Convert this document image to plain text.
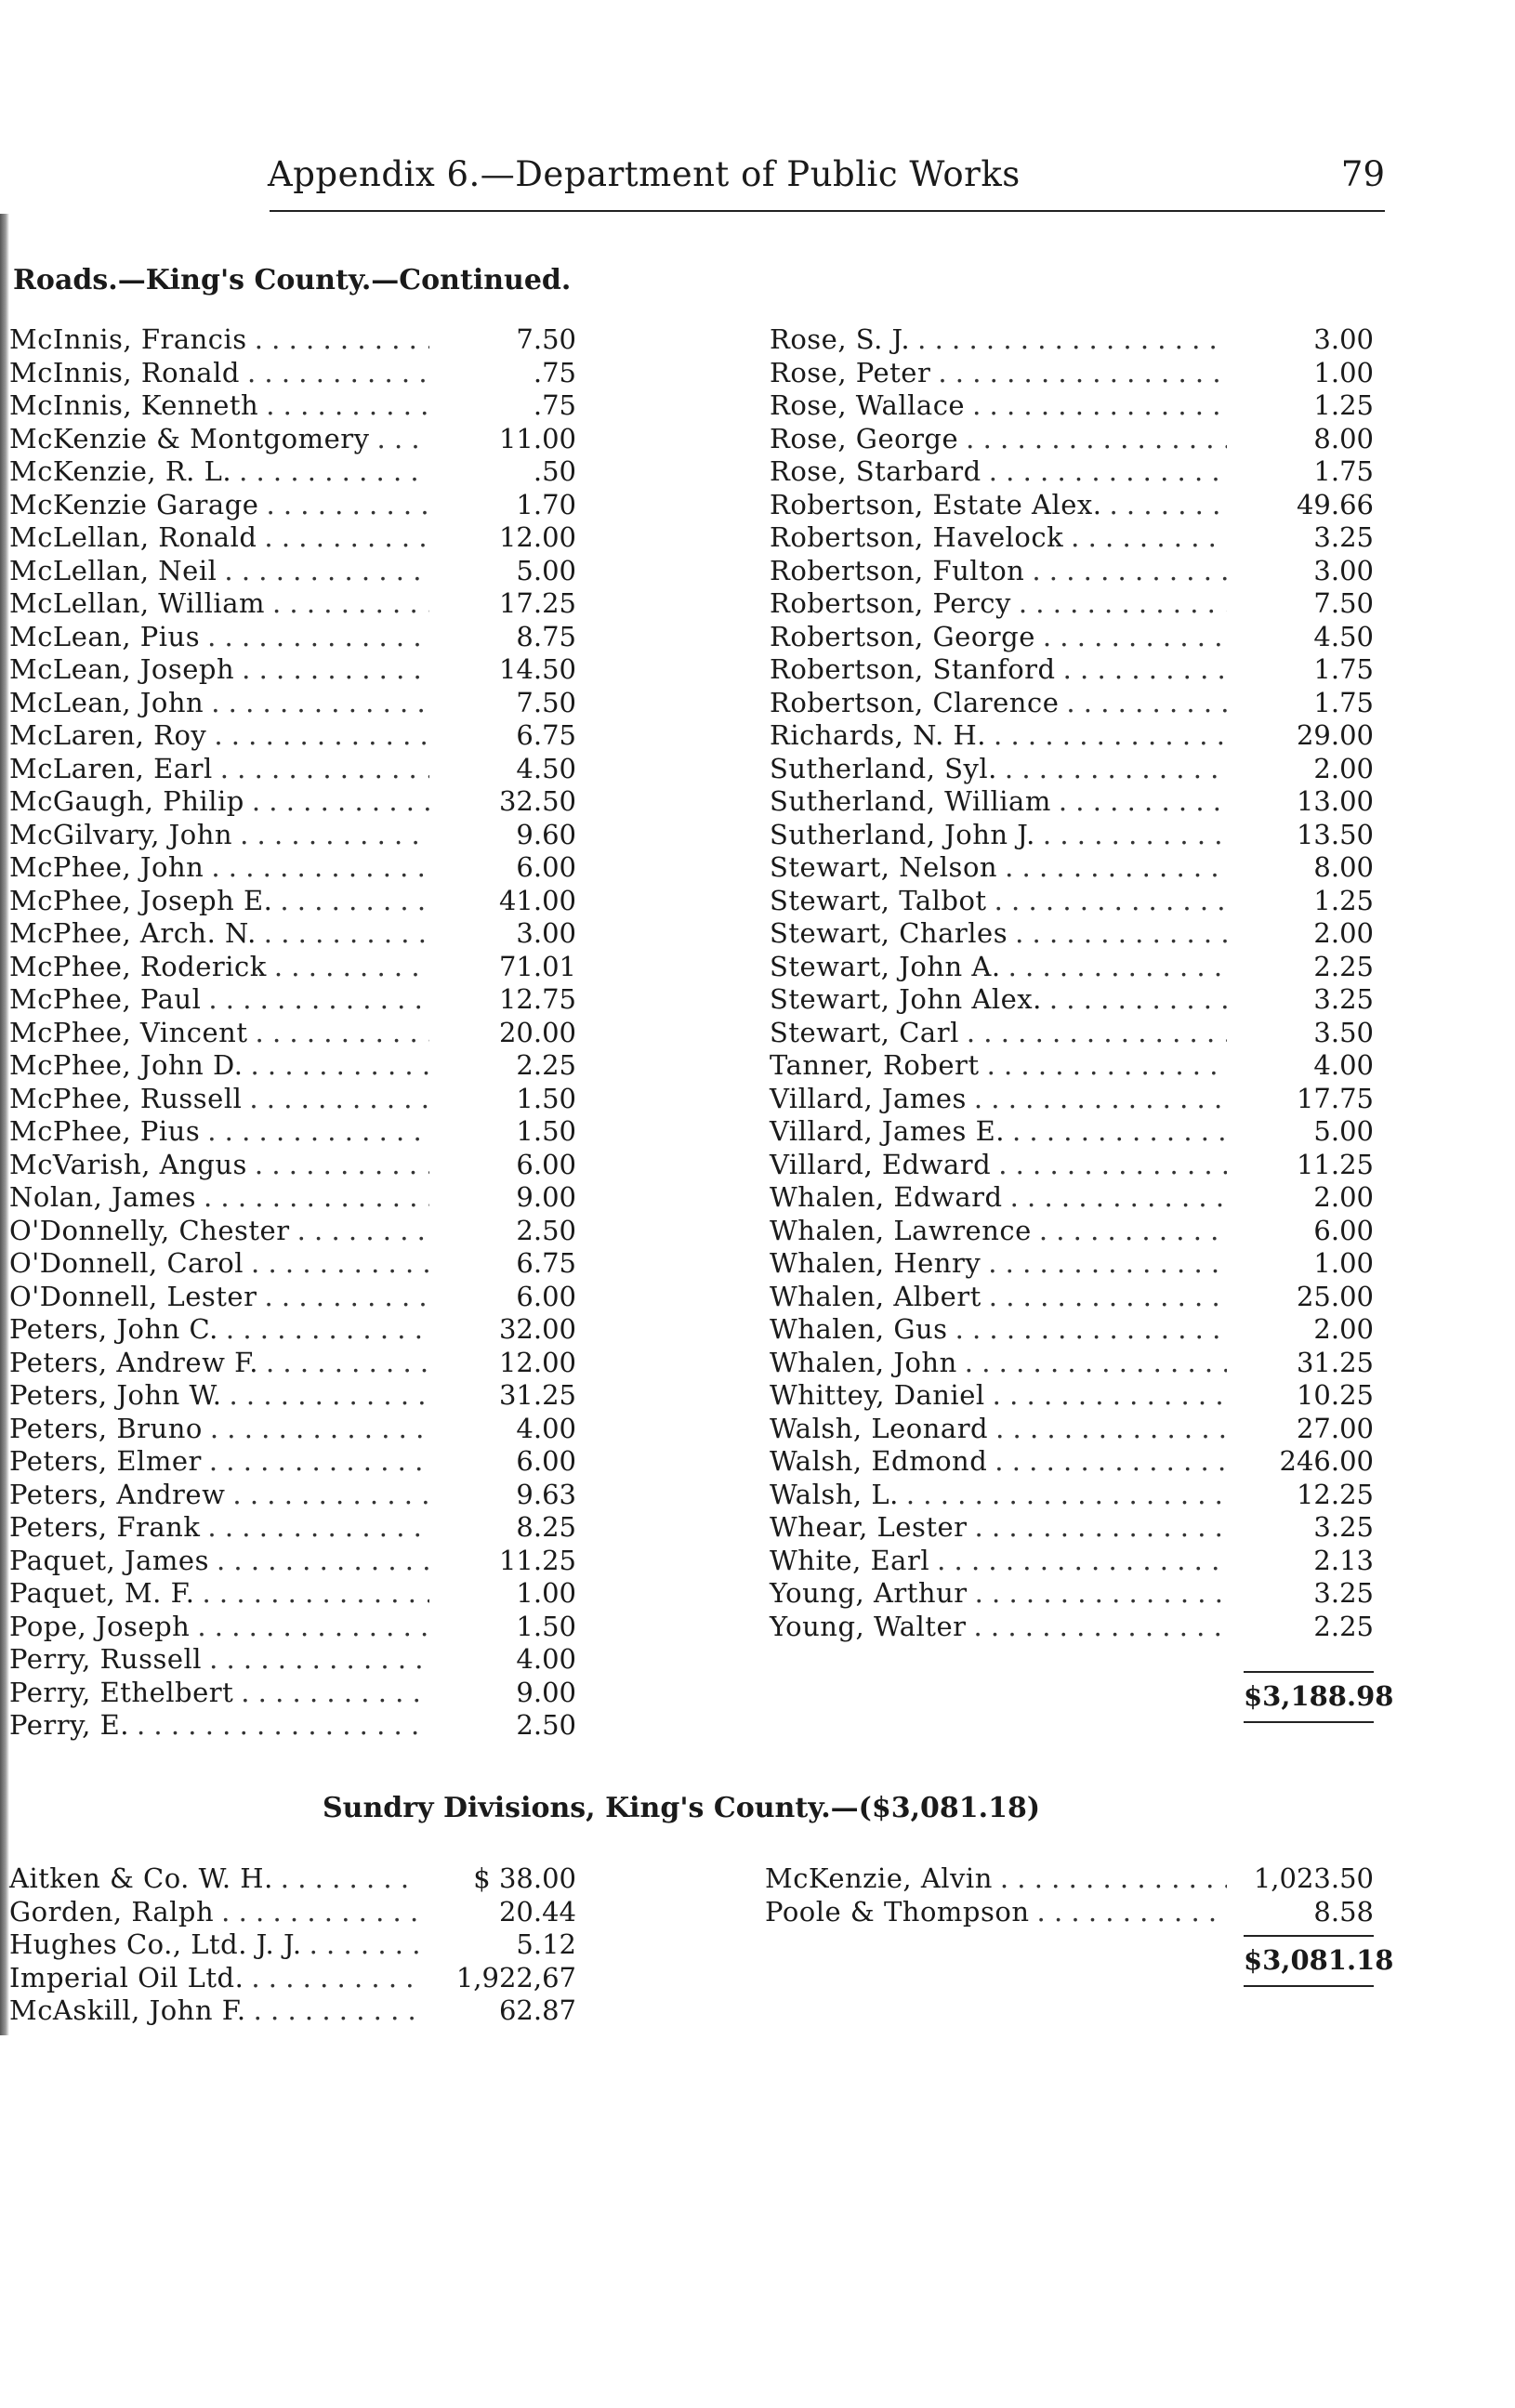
Appendix 6.—Department of Public Works	79
Roads.—King's County.—Continued.
McInnis, Francis . . .	7.50
McInnis, Ronald . . .	.75
McInnis, Kenneth . . .	.75
McKenzie & Montgomery . . .	11.00
McKenzie, R. L. . . .	.50
McKenzie Garage . . .	1.70
McLellan, Ronald . . .	12.00
McLellan, Neil . . .	5.00
McLellan, William . . .	17.25
McLean, Pius . . .	8.75
McLean, Joseph . . .	14.50
McLean, John . . .	7.50
McLaren, Roy . . .	6.75
McLaren, Earl . . .	4.50
McGaugh, Philip . . .	32.50
McGilvary, John . . .	9.60
McPhee, John . . .	6.00
McPhee, Joseph E. . . .	41.00
McPhee, Arch. N. . . .	3.00
McPhee, Roderick . . .	71.01
McPhee, Paul . . .	12.75
McPhee, Vincent . . .	20.00
McPhee, John D. . . .	2.25
McPhee, Russell . . .	1.50
McPhee, Pius . . .	1.50
McVarish, Angus . . .	6.00
Nolan, James . . .	9.00
O'Donnelly, Chester . . .	2.50
O'Donnell, Carol . . .	6.75
O'Donnell, Lester . . .	6.00
Peters, John C. . . .	32.00
Peters, Andrew F. . . .	12.00
Peters, John W. . . .	31.25
Peters, Bruno . . .	4.00
Peters, Elmer . . .	6.00
Peters, Andrew . . .	9.63
Peters, Frank . . .	8.25
Paquet, James . . .	11.25
Paquet, M. F. . . .	1.00
Pope, Joseph . . .	1.50
Perry, Russell . . .	4.00
Perry, Ethelbert . . .	9.00
Perry, E. . . .	2.50
Rose, S. J. . . .	3.00
Rose, Peter . . .	1.00
Rose, Wallace . . .	1.25
Rose, George . . .	8.00
Rose, Starbard . . .	1.75
Robertson, Estate Alex. . . .	49.66
Robertson, Havelock . . .	3.25
Robertson, Fulton . . .	3.00
Robertson, Percy . . .	7.50
Robertson, George . . .	4.50
Robertson, Stanford . . .	1.75
Robertson, Clarence . . .	1.75
Richards, N. H. . . .	29.00
Sutherland, Syl. . . .	2.00
Sutherland, William . . .	13.00
Sutherland, John J. . . .	13.50
Stewart, Nelson . . .	8.00
Stewart, Talbot . . .	1.25
Stewart, Charles . . .	2.00
Stewart, John A. . . .	2.25
Stewart, John Alex. . . .	3.25
Stewart, Carl . . .	3.50
Tanner, Robert . . .	4.00
Villard, James . . .	17.75
Villard, James E. . . .	5.00
Villard, Edward . . .	11.25
Whalen, Edward . . .	2.00
Whalen, Lawrence . . .	6.00
Whalen, Henry . . .	1.00
Whalen, Albert . . .	25.00
Whalen, Gus . . .	2.00
Whalen, John . . .	31.25
Whittey, Daniel . . .	10.25
Walsh, Leonard . . .	27.00
Walsh, Edmond . . .	246.00
Walsh, L. . . .	12.25
Whear, Lester . . .	3.25
White, Earl . . .	2.13
Young, Arthur . . .	3.25
Young, Walter . . .	2.25
$3,188.98
Sundry Divisions, King's County.—($3,081.18)
Aitken & Co. W. H. . . .	$ 38.00
Gorden, Ralph . . .	20.44
Hughes Co., Ltd. J. J. . . .	5.12
Imperial Oil Ltd. . . .	1,922,67
McAskill, John F. . . .	62.87
McKenzie, Alvin . . .	1,023.50
Poole & Thompson . . .	8.58
$3,081.18
